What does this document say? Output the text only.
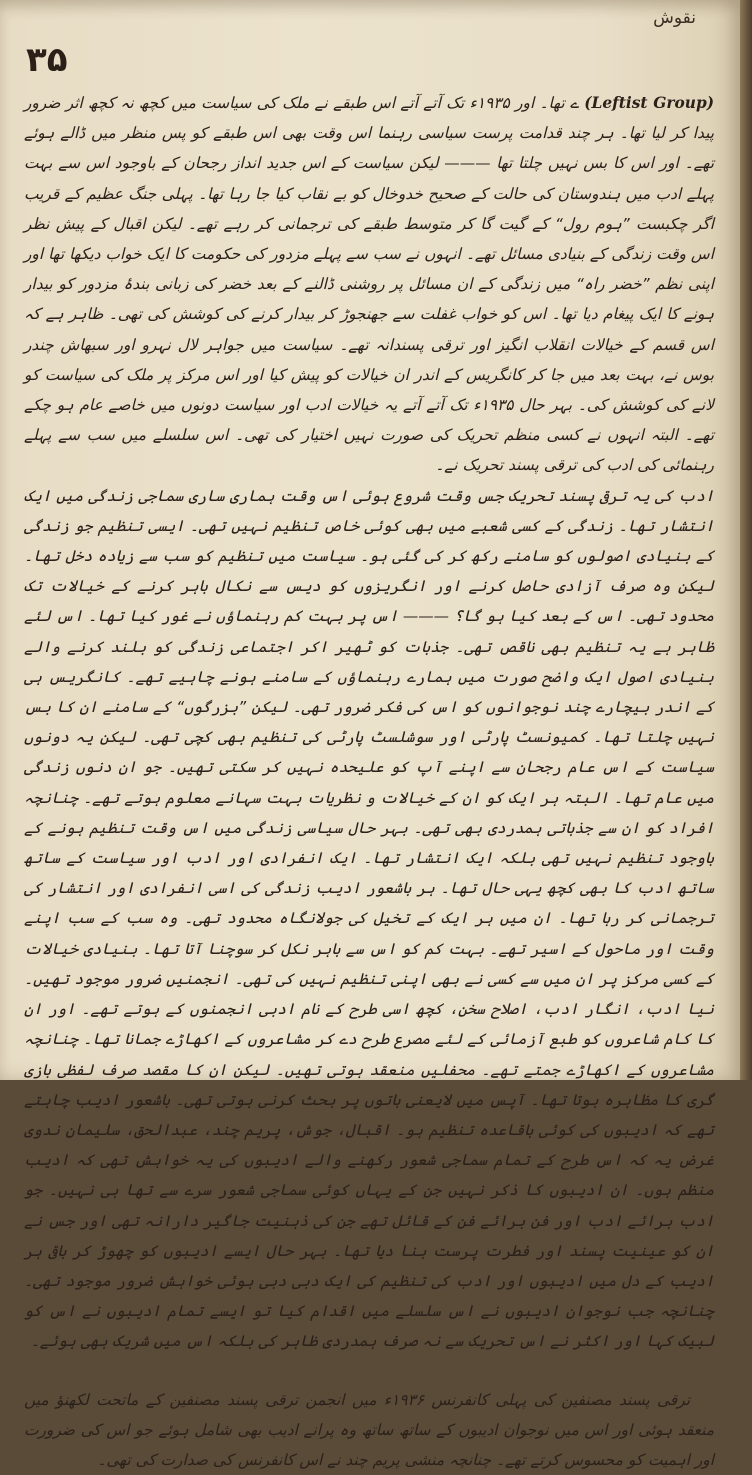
نقوش
۳۵

(Leftist Group) ے تھا۔ اور ۱۹۳۵ء تک آتے آتے اس طبقے نے ملک کی سیاست میں کچھ نہ کچھ اثر ضرور پیدا کر لیا تھا۔ ہر چند قدامت پرست سیاسی رہنما اس وقت بھی اس طبقے کو پس منظر میں ڈالے ہوئے تھے۔ اور اس کا بس نہیں چلتا تھا ——— لیکن سیاست کے اس جدید انداز رجحان کے باوجود اس سے بہت پہلے ادب میں ہندوستان کی حالت کے صحیح خدوخال کو بے نقاب کیا جا رہا تھا۔ پہلی جنگ عظیم کے قریب اگر چکبست ”ہوم رول“ کے گیت گا کر متوسط طبقے کی ترجمانی کر رہے تھے۔ لیکن اقبال کے پیش نظر اس وقت زندگی کے بنیادی مسائل تھے۔ انہوں نے سب سے پہلے مزدور کی حکومت کا ایک خواب دیکھا تھا اور اپنی نظم ”خضر راہ“ میں زندگی کے ان مسائل پر روشنی ڈالنے کے بعد خضر کی زبانی بندۂ مزدور کو بیدار ہونے کا ایک پیغام دیا تھا۔ اس کو خواب غفلت سے جھنجوڑ کر بیدار کرنے کی کوشش کی تھی۔ ظاہر ہے کہ اس قسم کے خیالات انقلاب انگیز اور ترقی پسندانہ تھے۔ سیاست میں جواہر لال نہرو اور سبھاش چندر بوس نے، بہت بعد میں جا کر کانگریس کے اندر ان خیالات کو پیش کیا اور اس مرکز پر ملک کی سیاست کو لانے کی کوشش کی۔ بہر حال ۱۹۳۵ء تک آتے آتے یہ خیالات ادب اور سیاست دونوں میں خاصے عام ہو چکے تھے۔ البتہ انہوں نے کسی منظم تحریک کی صورت نہیں اختیار کی تھی۔ اس سلسلے میں سب سے پہلے رہنمائی کی ادب کی ترقی پسند تحریک نے۔

ادب کی یہ ترقی پسند تحریک جس وقت شروع ہوئی اس وقت ہماری ساری سماجی زندگی میں ایک انتشار تھا۔ زندگی کے کسی شعبے میں بھی کوئی خاص تنظیم نہیں تھی۔ ایسی تنظیم جو زندگی کے بنیادی اصولوں کو سامنے رکھ کر کی گئی ہو۔ سیاست میں تنظیم کو سب سے زیادہ دخل تھا۔ لیکن وہ صرف آزادی حاصل کرنے اور انگریزوں کو دیس سے نکال باہر کرنے کے خیالات تک محدود تھی۔ اس کے بعد کیا ہو گا؟ ——— اس پر بہت کم رہنماؤں نے غور کیا تھا۔ اس لئے ظاہر ہے یہ تنظیم بھی ناقص تھی۔ جذبات کو ٹھیر اکر اجتماعی زندگی کو بلند کرنے والے بنیادی اصول ایک واضح صورت میں ہمارے رہنماؤں کے سامنے ہونے چاہیے تھے۔ کانگریس ہی کے اندر بیچارے چند نوجوانوں کو اس کی فکر ضرور تھی۔ لیکن ”بزرگوں“ کے سامنے ان کا بس نہیں چلتا تھا۔ کمیونسٹ پارٹی اور سوشلسٹ پارٹی کی تنظیم بھی کچی تھی۔ لیکن یہ دونوں سیاست کے اس عام رجحان سے اپنے آپ کو علیحدہ نہیں کر سکتی تھیں۔ جو ان دنوں زندگی میں عام تھا۔ البتہ ہر ایک کو ان کے خیالات و نظریات بہت سہانے معلوم ہوتے تھے۔ چنانچہ افراد کو ان سے جذباتی ہمدردی بھی تھی۔ بہر حال سیاسی زندگی میں اس وقت تنظیم ہونے کے باوجود تنظیم نہیں تھی بلکہ ایک انتشار تھا۔ ایک انفرادی اور ادب اور سیاست کے ساتھ ساتھ ادب کا بھی کچھ یہی حال تھا۔ ہر باشعور ادیب زندگی کی اسی انفرادی اور انتشار کی ترجمانی کر رہا تھا۔ ان میں ہر ایک کے تخیل کی جولانگاہ محدود تھی۔ وہ سب کے سب اپنے وقت اور ماحول کے اسیر تھے۔ بہت کم کو اس سے باہر نکل کر سوچنا آتا تھا۔ بنیادی خیالات کے کسی مرکز پر ان میں سے کسی نے بھی اپنی تنظیم نہیں کی تھی۔ انجمنیں ضرور موجود تھیں۔ نیا ادب، انگار ادب، اصلاح سخن، کچھ اسی طرح کے نام ادبی انجمنوں کے ہوتے تھے۔ اور ان کا کام شاعروں کو طبع آزمائی کے لئے مصرع طرح دے کر مشاعروں کے اکھاڑے جمانا تھا۔ چنانچہ مشاعروں کے اکھاڑے جمتے تھے۔ محفلیں منعقد ہوتی تھیں۔ لیکن ان کا مقصد صرف لفظی بازی گری کا مظاہرہ ہوتا تھا۔ آپس میں لایعنی باتوں پر بحث کرنی ہوتی تھی۔ باشعور ادیب چاہتے تھے کہ ادیبوں کی کوئی باقاعدہ تنظیم ہو۔ اقبال، جوش، پریم چند، عبدالحق، سلیمان ندوی غرض یہ کہ اس طرح کے تمام سماجی شعور رکھنے والے ادیبوں کی یہ خواہش تھی کہ ادیب منظم ہوں۔ ان ادیبوں کا ذکر نہیں جن کے یہاں کوئی سماجی شعور سرے سے تھا ہی نہیں۔ جو ادب برائے ادب اور فن برائے فن کے قائل تھے جن کی ذہنیت جاگیر دارانہ تھی اور جس نے ان کو عینیت پسند اور فطرت پرست بنا دیا تھا۔ بہر حال ایسے ادیبوں کو چھوڑ کر باقی ہر ادیب کے دل میں ادیبوں اور ادب کی تنظیم کی ایک دبی دبی ہوئی خواہش ضرور موجود تھی۔ چنانچہ جب نوجوان ادیبوں نے اس سلسلے میں اقدام کیا تو ایسے تمام ادیبوں نے اس کو لبیک کہا اور اکثر نے اس تحریک سے نہ صرف ہمدردی ظاہر کی بلکہ اس میں شریک بھی ہوئے۔

ترقی پسند مصنفین کی پہلی کانفرنس ۱۹۳۶ء میں انجمن ترقی پسند مصنفین کے ماتحت لکھنؤ میں منعقد ہوئی اور اس میں نوجوان ادیبوں کے ساتھ ساتھ وہ پرانے ادیب بھی شامل ہوئے جو اس کی ضرورت اور اہمیت کو محسوس کرتے تھے۔ چنانچہ منشی پریم چند نے اس کانفرنس کی صدارت کی تھی۔
